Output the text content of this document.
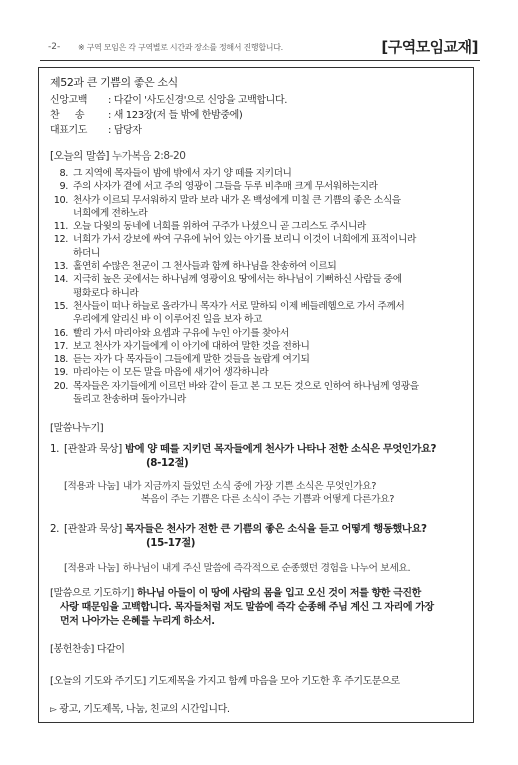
-2- ※ 구역 모임은 각 구역별로 시간과 장소를 정해서 진행합니다.	[구역모임교재]
제52과 큰 기쁨의 좋은 소식
신앙고백 : 다같이 '사도신경'으로 신앙을 고백합니다.
찬 송 : 새 123장(저 들 밖에 한밤중에)
대표기도 : 담당자
[오늘의 말씀] 누가복음 2:8-20
8. 그 지역에 목자들이 밤에 밖에서 자기 양 떼를 지키더니
9. 주의 사자가 곁에 서고 주의 영광이 그들을 두루 비추매 크게 무서워하는지라
10. 천사가 이르되 무서워하지 말라 보라 내가 온 백성에게 미칠 큰 기쁨의 좋은 소식을
너희에게 전하노라
11. 오늘 다윗의 동네에 너희를 위하여 구주가 나셨으니 곧 그리스도 주시니라
12. 너희가 가서 강보에 싸여 구유에 뉘어 있는 아기를 보리니 이것이 너희에게 표적이니라
하더니
13. 홀연히 수많은 천군이 그 천사들과 함께 하나님을 찬송하여 이르되
14. 지극히 높은 곳에서는 하나님께 영광이요 땅에서는 하나님이 기뻐하신 사람들 중에
평화로다 하니라
15. 천사들이 떠나 하늘로 올라가니 목자가 서로 말하되 이제 베들레헴으로 가서 주께서
우리에게 알리신 바 이 이루어진 일을 보자 하고
16. 빨리 가서 마리아와 요셉과 구유에 누인 아기를 찾아서
17. 보고 천사가 자기들에게 이 아기에 대하여 말한 것을 전하니
18. 듣는 자가 다 목자들이 그들에게 말한 것들을 놀랍게 여기되
19. 마리아는 이 모든 말을 마음에 새기어 생각하니라
20. 목자들은 자기들에게 이르던 바와 같이 듣고 본 그 모든 것으로 인하여 하나님께 영광을
돌리고 찬송하며 돌아가니라
[말씀나누기]
1. [관찰과 묵상] 밤에 양 떼를 지키던 목자들에게 천사가 나타나 전한 소식은 무엇인가요?
(8-12절)
[적용과 나눔] 내가 지금까지 들었던 소식 중에 가장 기쁜 소식은 무엇인가요?
복음이 주는 기쁨은 다른 소식이 주는 기쁨과 어떻게 다른가요?
2. [관찰과 묵상] 목자들은 천사가 전한 큰 기쁨의 좋은 소식을 듣고 어떻게 행동했나요?
(15-17절)
[적용과 나눔] 하나님이 내게 주신 말씀에 즉각적으로 순종했던 경험을 나누어 보세요.
[말씀으로 기도하기] 하나님 아들이 이 땅에 사람의 몸을 입고 오신 것이 저를 향한 극진한
사랑 때문임을 고백합니다. 목자들처럼 저도 말씀에 즉각 순종해 주님 계신 그 자리에 가장
먼저 나아가는 은혜를 누리게 하소서.
[봉헌찬송] 다같이
[오늘의 기도와 주기도] 기도제목을 가지고 함께 마음을 모아 기도한 후 주기도문으로
▻ 광고, 기도제목, 나눔, 친교의 시간입니다.
